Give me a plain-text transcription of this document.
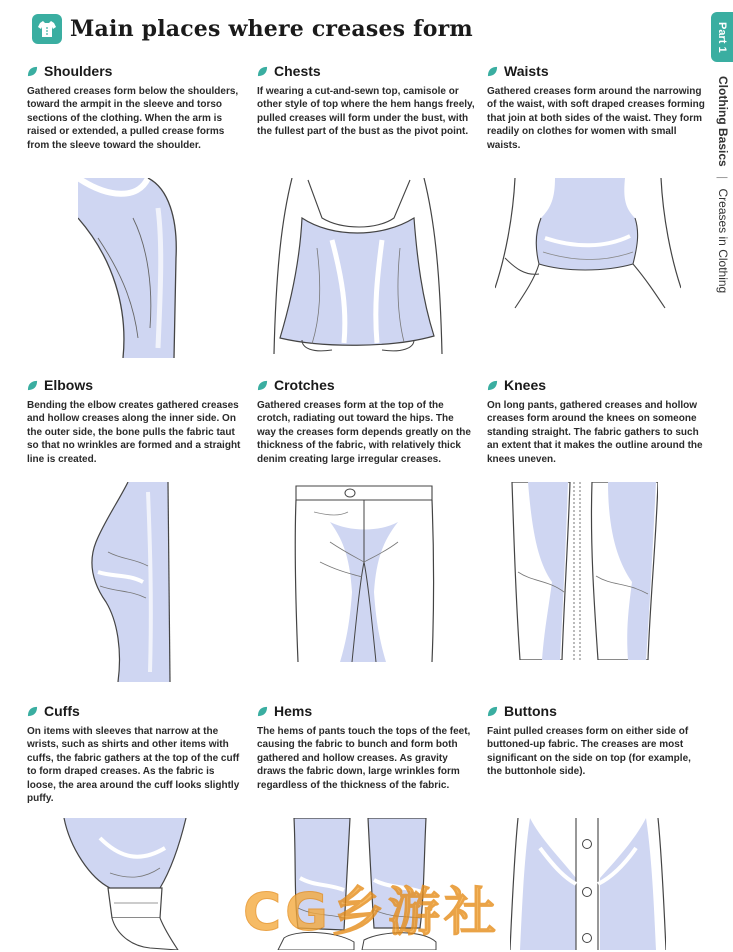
Main places where creases form	Part 1
Clothing Basics | Creases in Clothing
Shoulders

Gathered creases form below the shoulders, toward the armpit in the sleeve and torso sections of the clothing. When the arm is raised or extended, a pulled crease forms from the sleeve toward the shoulder.

Chests

If wearing a cut-and-sewn top, camisole or other style of top where the hem hangs freely, pulled creases will form under the bust, with the fullest part of the bust as the pivot point.

Waists

Gathered creases form around the narrowing of the waist, with soft draped creases forming that join at both sides of the waist. They form readily on clothes for women with small waists.

Elbows

Bending the elbow creates gathered creases and hollow creases along the inner side. On the outer side, the bone pulls the fabric taut so that no wrinkles are formed and a straight line is created.

Crotches

Gathered creases form at the top of the crotch, radiating out toward the hips. The way the creases form depends greatly on the thickness of the fabric, with relatively thick denim creating large irregular creases.

Knees

On long pants, gathered creases and hollow creases form around the knees on someone standing straight. The fabric gathers to such an extent that it makes the outline around the knees uneven.

Cuffs

On items with sleeves that narrow at the wrists, such as shirts and other items with cuffs, the fabric gathers at the top of the cuff to form draped creases. As the fabric is loose, the area around the cuff looks slightly puffy.

Hems

The hems of pants touch the tops of the feet, causing the fabric to bunch and form both gathered and hollow creases. As gravity draws the fabric down, large wrinkles form regardless of the thickness of the fabric.

Buttons

Faint pulled creases form on either side of buttoned-up fabric. The creases are most significant on the side on top (for example, the buttonhole side).

C G 乡 游 社
